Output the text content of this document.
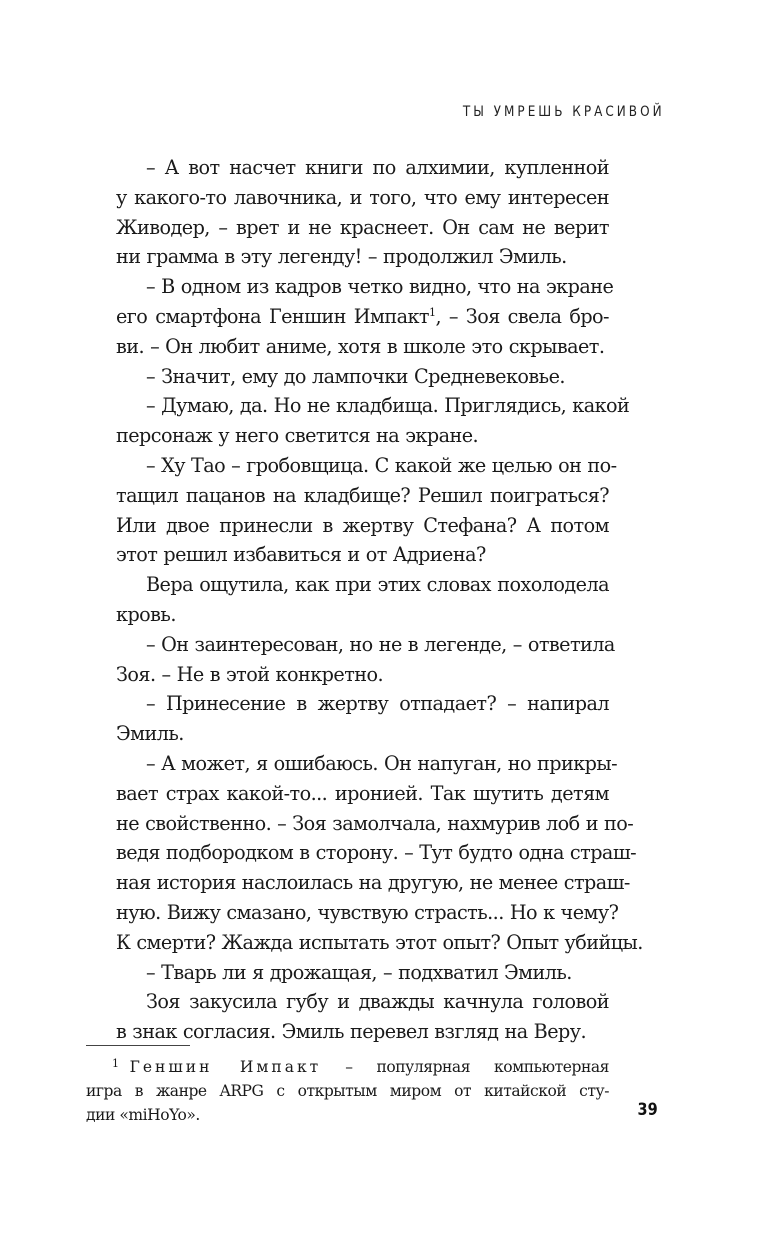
ТЫ УМРЕШЬ КРАСИВОЙ

– А вот насчет книги по алхимии, купленной
у какого-то лавочника, и того, что ему интересен
Живодер, – врет и не краснеет. Он сам не верит
ни грамма в эту легенду! – продолжил Эмиль.

– В одном из кадров четко видно, что на экране
его смартфона Геншин Импакт$^1$, – Зоя свела бро-
ви. – Он любит аниме, хотя в школе это скрывает.

– Значит, ему до лампочки Средневековье.

– Думаю, да. Но не кладбища. Приглядись, какой
персонаж у него светится на экране.

– Ху Тао – гробовщица. С какой же целью он по-
тащил пацанов на кладбище? Решил поиграться?
Или двое принесли в жертву Стефана? А потом
этот решил избавиться и от Адриена?

Вера ощутила, как при этих словах похолодела
кровь.

– Он заинтересован, но не в легенде, – ответила
Зоя. – Не в этой конкретно.

– Принесение в жертву отпадает? – напирал
Эмиль.

– А может, я ошибаюсь. Он напуган, но прикры-
вает страх какой-то... иронией. Так шутить детям
не свойственно. – Зоя замолчала, нахмурив лоб и по-
ведя подбородком в сторону. – Тут будто одна страш-
ная история наслоилась на другую, не менее страш-
ную. Вижу смазано, чувствую страсть... Но к чему?
К смерти? Жажда испытать этот опыт? Опыт убийцы.

– Тварь ли я дрожащая, – подхватил Эмиль.

Зоя закусила губу и дважды качнула головой
в знак согласия. Эмиль перевел взгляд на Веру.

$^1$ Геншин Импакт – популярная компьютерная
игра в жанре ARPG с открытым миром от китайской сту-
дии «miHoYo».	39
